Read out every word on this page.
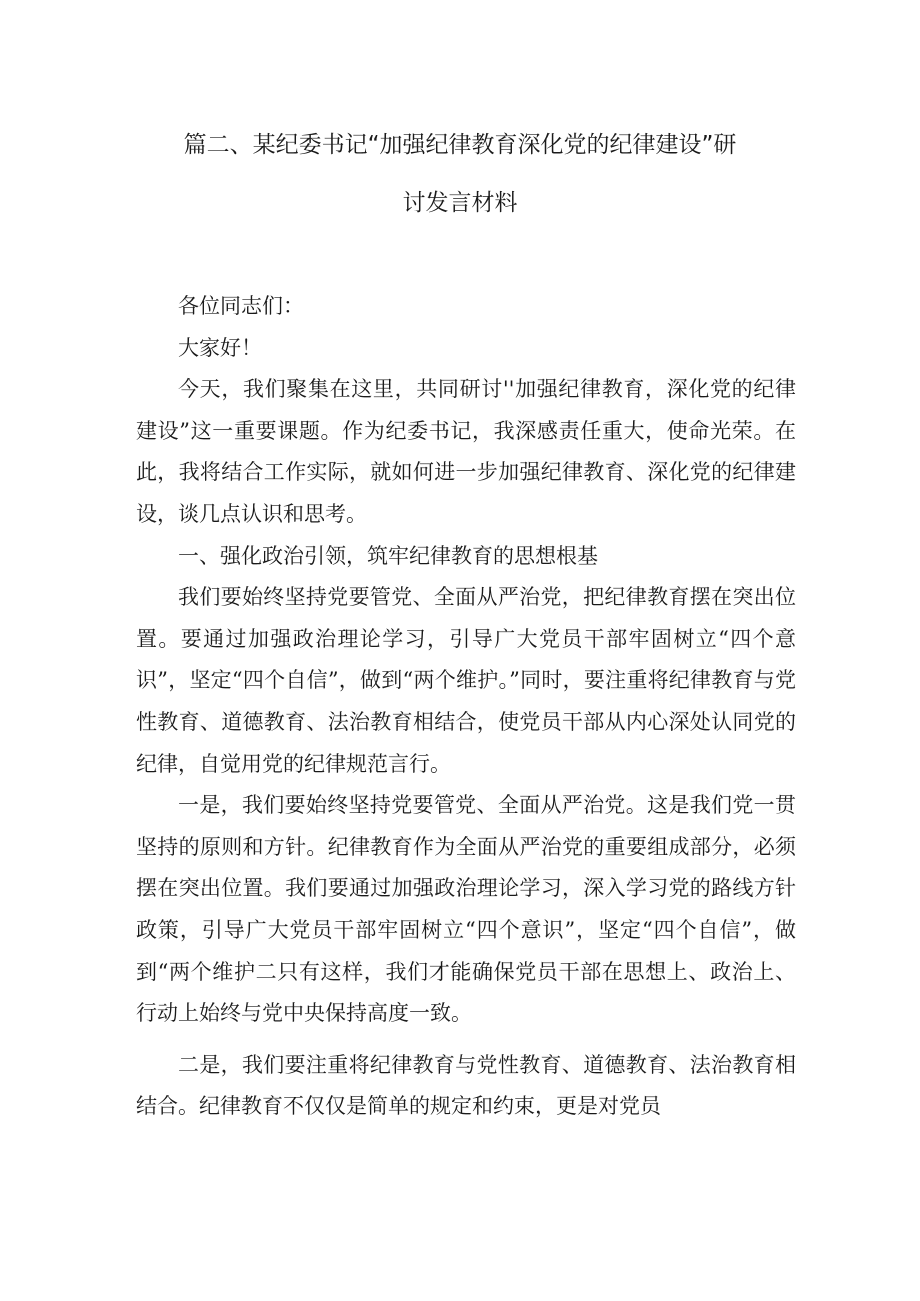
篇二、某纪委书记“加强纪律教育深化党的纪律建设”研
讨发言材料

各位同志们：

大家好！

今天，我们聚集在这里，共同研讨''加强纪律教育，深化党的纪律建设”这一重要课题。作为纪委书记，我深感责任重大，使命光荣。在此，我将结合工作实际，就如何进一步加强纪律教育、深化党的纪律建设，谈几点认识和思考。

一、强化政治引领，筑牢纪律教育的思想根基

我们要始终坚持党要管党、全面从严治党，把纪律教育摆在突出位置。要通过加强政治理论学习，引导广大党员干部牢固树立“四个意识”，坚定“四个自信”，做到“两个维护。”同时，要注重将纪律教育与党性教育、道德教育、法治教育相结合，使党员干部从内心深处认同党的纪律，自觉用党的纪律规范言行。

一是，我们要始终坚持党要管党、全面从严治党。这是我们党一贯坚持的原则和方针。纪律教育作为全面从严治党的重要组成部分，必须摆在突出位置。我们要通过加强政治理论学习，深入学习党的路线方针政策，引导广大党员干部牢固树立“四个意识”，坚定“四个自信”，做到“两个维护二只有这样，我们才能确保党员干部在思想上、政治上、行动上始终与党中央保持高度一致。

二是，我们要注重将纪律教育与党性教育、道德教育、法治教育相结合。纪律教育不仅仅是简单的规定和约束，更是对党员
